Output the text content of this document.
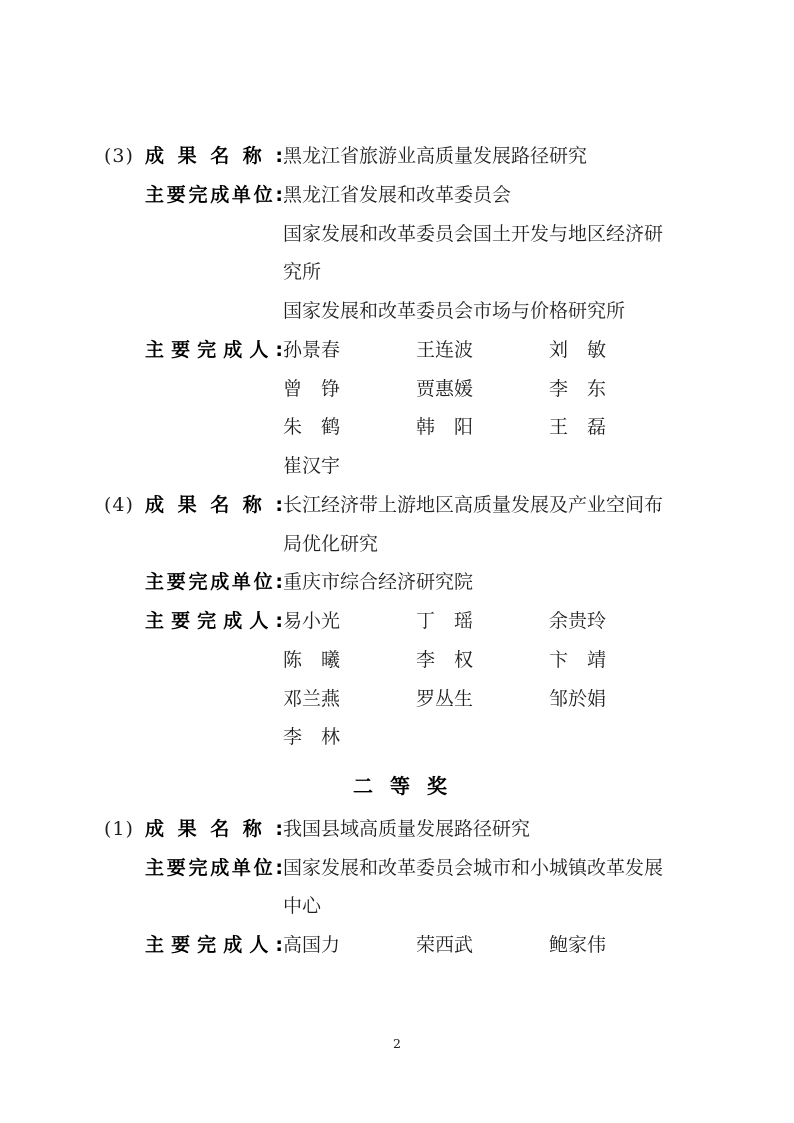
(3) 成果名称: 黑龙江省旅游业高质量发展路径研究
主要完成单位: 黑龙江省发展和改革委员会
国家发展和改革委员会国土开发与地区经济研
究所
国家发展和改革委员会市场与价格研究所
主要完成人: 孙景春	王连波	刘　敏
曾　铮	贾惠媛	李　东
朱　鹤	韩　阳	王　磊
崔汉宇
(4) 成果名称: 长江经济带上游地区高质量发展及产业空间布
局优化研究
主要完成单位: 重庆市综合经济研究院
主要完成人: 易小光	丁　瑶	余贵玲
陈　曦	李　权	卞　靖
邓兰燕	罗丛生	邹於娟
李　林
二 等 奖
(1) 成果名称: 我国县域高质量发展路径研究
主要完成单位: 国家发展和改革委员会城市和小城镇改革发展
中心
主要完成人: 高国力	荣西武	鲍家伟
2
